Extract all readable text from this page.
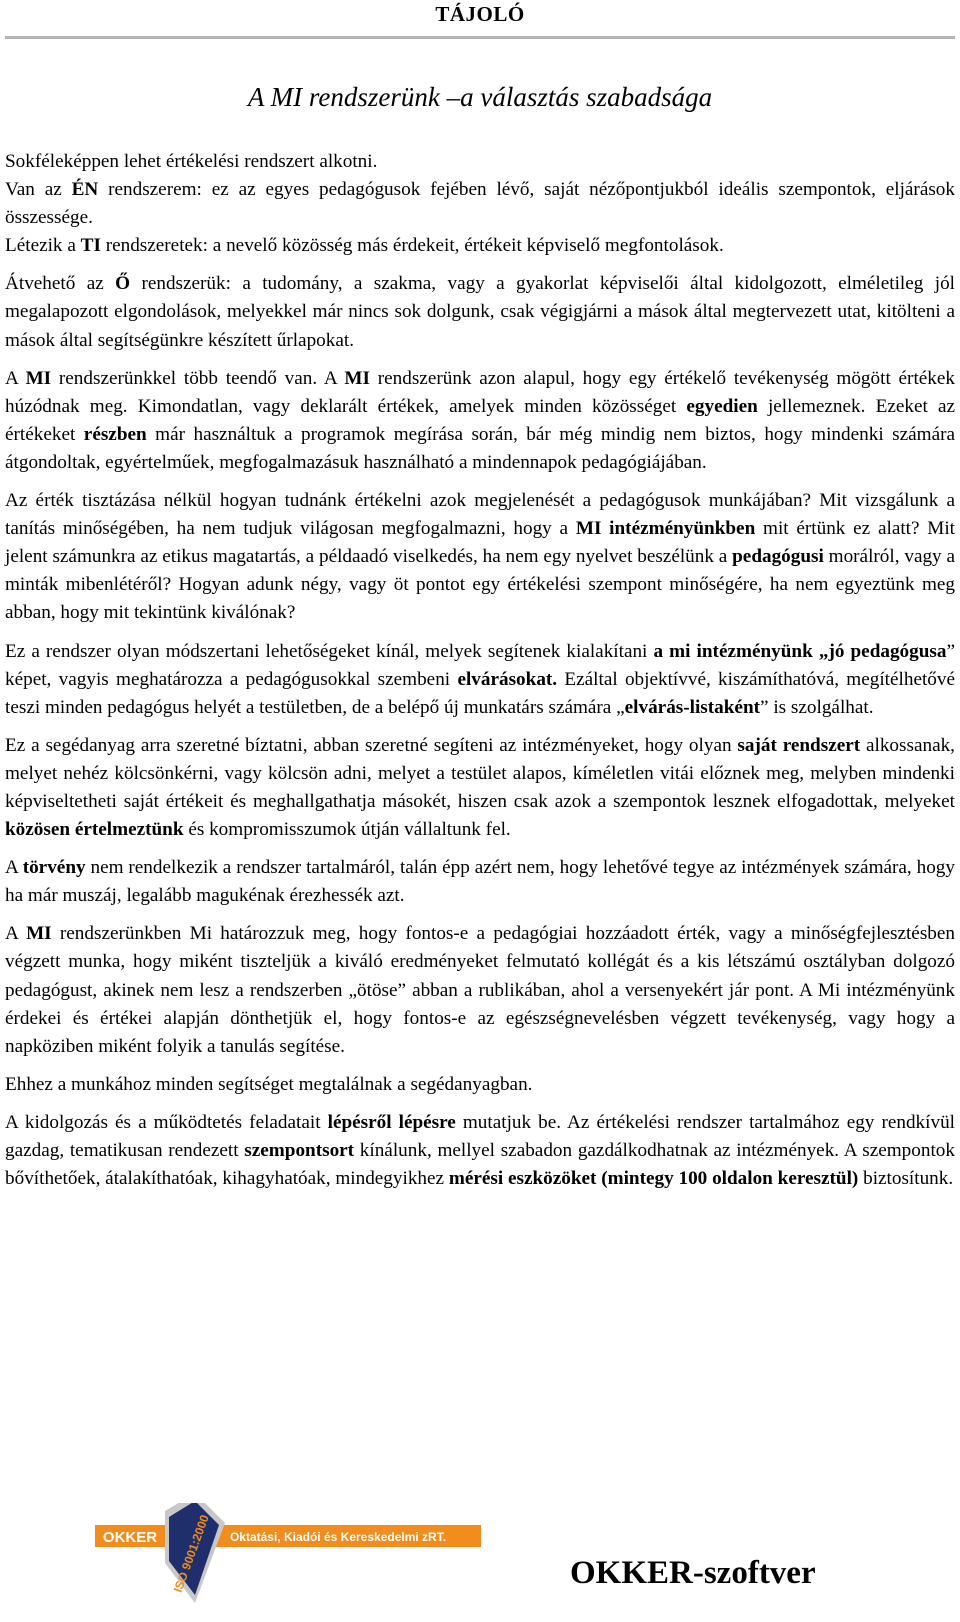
TÁJOLÓ
A MI rendszerünk –a választás szabadsága

Sokféleképpen lehet értékelési rendszert alkotni.

Van az ÉN rendszerem: ez az egyes pedagógusok fejében lévő, saját nézőpontjukból ideális szempontok, eljárások összessége.

Létezik a TI rendszeretek: a nevelő közösség más érdekeit, értékeit képviselő megfontolások.

Átvehető az Ő rendszerük: a tudomány, a szakma, vagy a gyakorlat képviselői által kidolgozott, elméletileg jól megalapozott elgondolások, melyekkel már nincs sok dolgunk, csak végigjárni a mások által megtervezett utat, kitölteni a mások által segítségünkre készített űrlapokat.

A MI rendszerünkkel több teendő van. A MI rendszerünk azon alapul, hogy egy értékelő tevékenység mögött értékek húzódnak meg. Kimondatlan, vagy deklarált értékek, amelyek minden közösséget egyedien jellemeznek. Ezeket az értékeket részben már használtuk a programok megírása során, bár még mindig nem biztos, hogy mindenki számára átgondoltak, egyértelműek, megfogalmazásuk használható a mindennapok pedagógiájában.

Az érték tisztázása nélkül hogyan tudnánk értékelni azok megjelenését a pedagógusok munkájában? Mit vizsgálunk a tanítás minőségében, ha nem tudjuk világosan megfogalmazni, hogy a MI intézményünkben mit értünk ez alatt? Mit jelent számunkra az etikus magatartás, a példaadó viselkedés, ha nem egy nyelvet beszélünk a pedagógusi morálról, vagy a minták mibenlétéről? Hogyan adunk négy, vagy öt pontot egy értékelési szempont minőségére, ha nem egyeztünk meg abban, hogy mit tekintünk kiválónak?

Ez a rendszer olyan módszertani lehetőségeket kínál, melyek segítenek kialakítani a mi intézményünk „jó pedagógusa” képet, vagyis meghatározza a pedagógusokkal szembeni elvárásokat. Ezáltal objektívvé, kiszámíthatóvá, megítélhetővé teszi minden pedagógus helyét a testületben, de a belépő új munkatárs számára „elvárás-listaként” is szolgálhat.

Ez a segédanyag arra szeretné bíztatni, abban szeretné segíteni az intézményeket, hogy olyan saját rendszert alkossanak, melyet nehéz kölcsönkérni, vagy kölcsön adni, melyet a testület alapos, kíméletlen vitái előznek meg, melyben mindenki képviseltetheti saját értékeit és meghallgathatja másokét, hiszen csak azok a szempontok lesznek elfogadottak, melyeket közösen értelmeztünk és kompromisszumok útján vállaltunk fel.

A törvény nem rendelkezik a rendszer tartalmáról, talán épp azért nem, hogy lehetővé tegye az intézmények számára, hogy ha már muszáj, legalább magukénak érezhessék azt.

A MI rendszerünkben Mi határozzuk meg, hogy fontos-e a pedagógiai hozzáadott érték, vagy a minőségfejlesztésben végzett munka, hogy miként tiszteljük a kiváló eredményeket felmutató kollégát és a kis létszámú osztályban dolgozó pedagógust, akinek nem lesz a rendszerben „ötöse” abban a rublikában, ahol a versenyekért jár pont. A Mi intézményünk érdekei és értékei alapján dönthetjük el, hogy fontos-e az egészségnevelésben végzett tevékenység, vagy hogy a napköziben miként folyik a tanulás segítése.

Ehhez a munkához minden segítséget megtalálnak a segédanyagban.

A kidolgozás és a működtetés feladatait lépésről lépésre mutatjuk be. Az értékelési rendszer tartalmához egy rendkívül gazdag, tematikusan rendezett szempontsort kínálunk, mellyel szabadon gazdálkodhatnak az intézmények. A szempontok bővíthetőek, átalakíthatóak, kihagyhatóak, mindegyikhez mérési eszközöket (mintegy 100 oldalon keresztül) biztosítunk.

OKKER	Oktatási, Kiadói és Kereskedelmi zRT.
ISO 9001:2000	OKKER-szoftver
